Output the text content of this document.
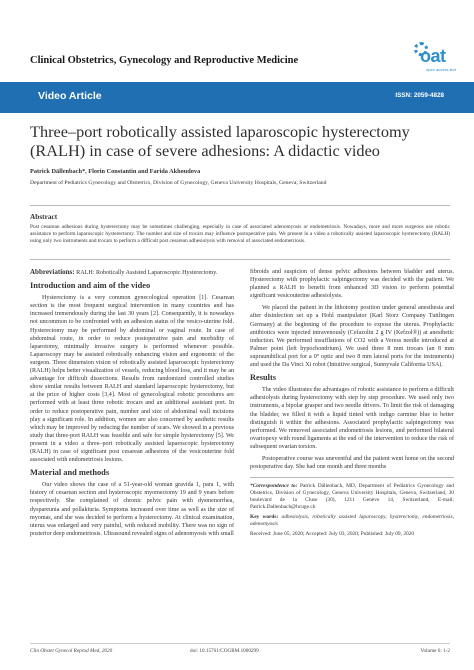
Clinical Obstetrics, Gynecology and Reproductive Medicine	oat
open access text
Video Article	ISSN: 2059-4828
Three–port robotically assisted laparoscopic hysterectomy (RALH) in case of severe adhesions: A didactic video
Patrick Dällenbach*, Florin Constantin and Farida Akhoudova
Department of Pediatrics Gynecology and Obstetrics, Division of Gynecology, Geneva University Hospitals, Geneva, Switzerland
Abstract

Post cesarean adhesions during hysterectomy may be sometimes challenging, especially in case of associated adenomyosis or endometriosis. Nowadays, more and more surgeons use robotic assistance to perform laparoscopic hysterectomy. The number and size of trocars may influence postoperative pain. We present in a video a robotically assisted laparoscopic hysterectomy (RALH) using only two instruments and trocars to perform a difficult post cesarean adhesiolysis with removal of associated endometriosis.

Abbreviations: RALH: Robotically Assisted Laparoscopic Hysterectomy.

Introduction and aim of the video

Hysterectomy is a very common gynecological operation [1]. Cesarean section is the most frequent surgical intervention in many countries and has increased tremendously during the last 30 years [2]. Consequently, it is nowadays not uncommon to be confronted with an adhesion status of the vesico-uterine fold. Hysterectomy may be performed by abdominal or vaginal route. In case of abdominal route, in order to reduce postoperative pain and morbidity of laparotomy, minimally invasive surgery is performed whenever possible. Laparoscopy may be assisted robotically enhancing vision and ergonomic of the surgeon. Three dimension vision of robotically assisted laparoscopic hysterectomy (RALH) helps better visualization of vessels, reducing blood loss, and it may be an advantage for difficult dissections. Results from randomized controlled studies show similar results between RALH and standard laparoscopic hysterectomy, but at the price of higher costs [3,4]. Most of gynecological robotic procedures are performed with at least three robotic trocars and an additional assistant port. In order to reduce postoperative pain, number and size of abdominal wall incisions play a significant role. In addition, women are also concerned by aesthetic results which may be improved by reducing the number of scars. We showed in a previous study that three-port RALH was feasible and safe for simple hysterectomy [5]. We present in a video a three–port robotically assisted laparoscopic hysterectomy (RALH) in case of significant post cesarean adhesions of the vesicouterine fold associated with endometriosis lesions.

Material and methods

Our video shows the case of a 51-year-old woman gravida 1, para 1, with history of cesarean section and hysteroscopic myomectomy 19 and 9 years before respectively. She complained of chronic pelvic pain with dysmenorrhea, dyspareunia and pollakiuria. Symptoms increased over time as well as the size of myomas, and she was decided to perform a hysterectomy. At clinical examination, uterus was enlarged and very painful, with reduced mobility. There was no sign of posterior deep endometriosis. Ultrasound revealed signs of adenomyosis with small

fibroids and suspicion of dense pelvic adhesions between bladder and uterus. Hysterectomy with prophylactic salpingectomy was decided with the patient. We planned a RALH to benefit from enhanced 3D vision to perform potential significant vesicouterine adhesiolysis.

We placed the patient in the lithotomy position under general anesthesia and after disinfection set up a Hohl manipulator (Karl Storz Company Tuttlingen Germany) at the beginning of the procedure to expose the uterus. Prophylactic antibiotics were injected intravenously (Cefazolin 2 g IV (Kefzol®)) at anesthetic induction. We performed insufflations of CO2 with a Veress needle introduced at Palmer point (left hypochondrium). We used three 8 mm trocars (an 8 mm supraumbilical port for a 0° optic and two 8 mm lateral ports for the instruments) and used the Da Vinci Xi robot (Intuitive surgical, Sunnyvale California USA).

Results

The video illustrates the advantages of robotic assistance to perform a difficult adhesiolysis during hysterectomy with step by step procedure. We used only two instruments, a bipolar grasper and two needle drivers. To limit the risk of damaging the bladder, we filled it with a liquid tinted with indigo carmine blue to better distinguish it within the adhesions. Associated prophylactic salpingectomy was performed. We removed associated endometriosis lesions, and performed bilateral ovariopexy with round ligaments at the end of the intervention to reduce the risk of subsequent ovarian torsion.

Postoperative course was uneventful and the patient went home on the second postoperative day. She had one month and three months

*Correspondence to: Patrick Dällenbach, MD, Department of Pediatrics Gynecology and Obstetrics, Division of Gynecology, Geneva University Hospitals, Geneva, Switzerland, 30 boulevard de la Cluse (30), 1211 Genève 14, Switzerland, E-mail: Patrick.Dallenbach@hcuge.ch

Key words: adhesiolysis, robotically assisted laparoscopy, hysterectomy, endometriosis, adenomyosis

Received: June 05, 2020; Accepted: July 03, 2020; Published: July 09, 2020

Clin Obstet Gynecol Reprod Med, 2020	doi: 10.15761/COGRM.1000299	Volume 6: 1-2
